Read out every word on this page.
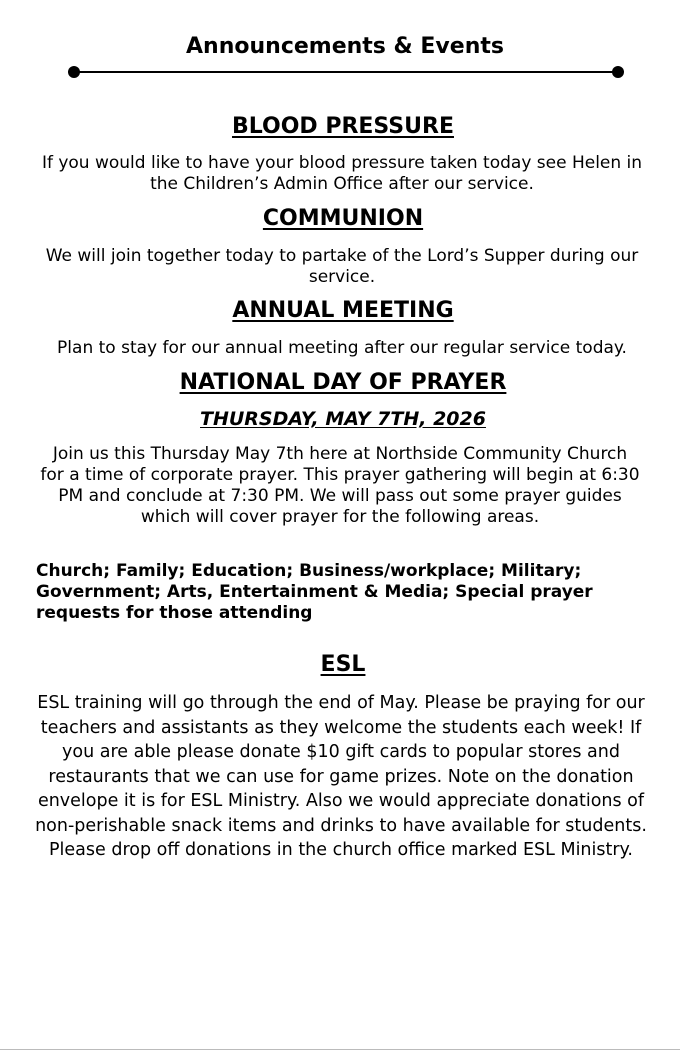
Announcements & Events
BLOOD PRESSURE

If you would like to have your blood pressure taken today see Helen in the Children’s Admin Office after our service.

COMMUNION

We will join together today to partake of the Lord’s Supper during our service.

ANNUAL MEETING

Plan to stay for our annual meeting after our regular service today.

NATIONAL DAY OF PRAYER
THURSDAY, MAY 7TH, 2026

Join us this Thursday May 7th here at Northside Community Church for a time of corporate prayer. This prayer gathering will begin at 6:30 PM and conclude at 7:30 PM. We will pass out some prayer guides which will cover prayer for the following areas.

Church; Family; Education; Business/workplace; Military; Government; Arts, Entertainment & Media; Special prayer requests for those attending

ESL

ESL training will go through the end of May. Please be praying for our teachers and assistants as they welcome the students each week! If you are able please donate $10 gift cards to popular stores and restaurants that we can use for game prizes. Note on the donation envelope it is for ESL Ministry. Also we would appreciate donations of non-perishable snack items and drinks to have available for students. Please drop off donations in the church office marked ESL Ministry.
